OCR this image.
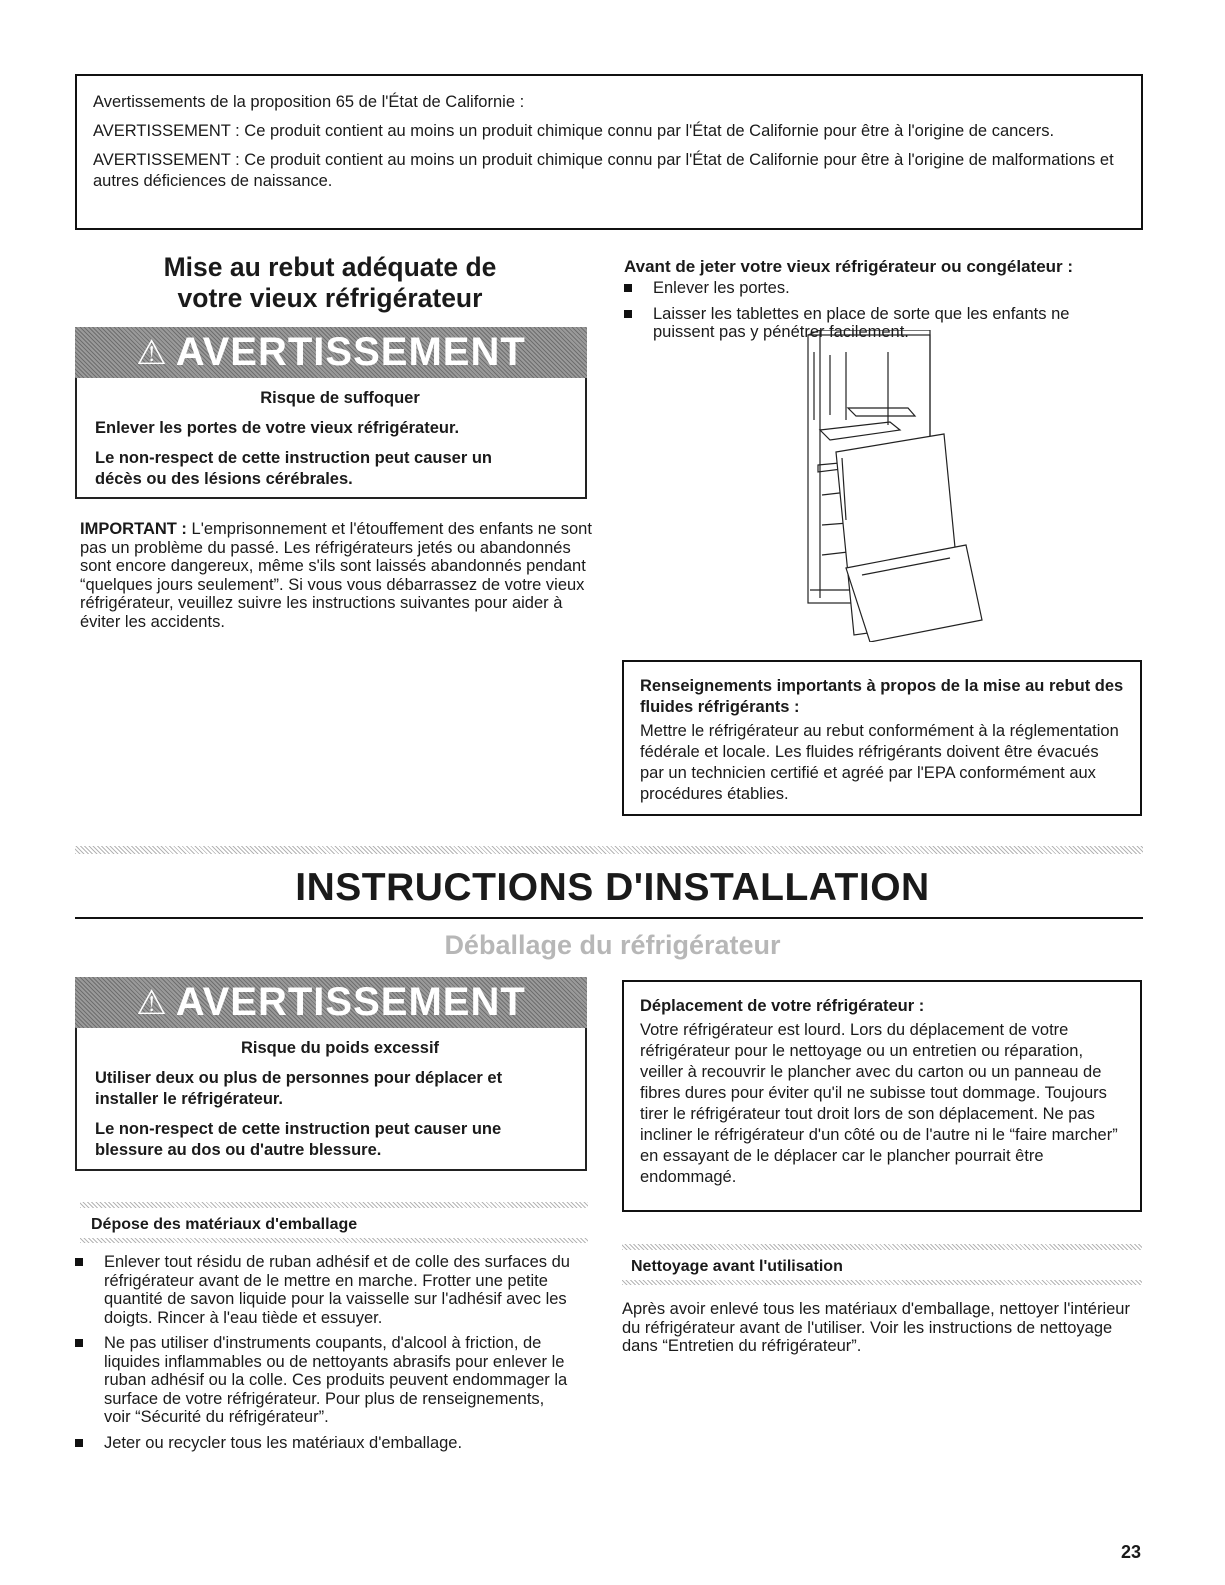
Avertissements de la proposition 65 de l'État de Californie :

AVERTISSEMENT : Ce produit contient au moins un produit chimique connu par l'État de Californie pour être à l'origine de cancers.

AVERTISSEMENT : Ce produit contient au moins un produit chimique connu par l'État de Californie pour être à l'origine de malformations et autres déficiences de naissance.

Mise au rebut adéquate de
votre vieux réfrigérateur
⚠ AVERTISSEMENT

Risque de suffoquer

Enlever les portes de votre vieux réfrigérateur.

Le non-respect de cette instruction peut causer un décès ou des lésions cérébrales.

IMPORTANT : L'emprisonnement et l'étouffement des enfants ne sont pas un problème du passé. Les réfrigérateurs jetés ou abandonnés sont encore dangereux, même s'ils sont laissés abandonnés pendant “quelques jours seulement”. Si vous vous débarrassez de votre vieux réfrigérateur, veuillez suivre les instructions suivantes pour aider à éviter les accidents.
Avant de jeter votre vieux réfrigérateur ou congélateur :
Enlever les portes.
Laisser les tablettes en place de sorte que les enfants ne puissent pas y pénétrer facilement.
Renseignements importants à propos de la mise au rebut des fluides réfrigérants :
Mettre le réfrigérateur au rebut conformément à la réglementation fédérale et locale. Les fluides réfrigérants doivent être évacués par un technicien certifié et agréé par l'EPA conformément aux procédures établies.
INSTRUCTIONS D'INSTALLATION
Déballage du réfrigérateur
⚠ AVERTISSEMENT

Risque du poids excessif

Utiliser deux ou plus de personnes pour déplacer et installer le réfrigérateur.

Le non-respect de cette instruction peut causer une blessure au dos ou d'autre blessure.

Dépose des matériaux d'emballage
Enlever tout résidu de ruban adhésif et de colle des surfaces du réfrigérateur avant de le mettre en marche. Frotter une petite quantité de savon liquide pour la vaisselle sur l'adhésif avec les doigts. Rincer à l'eau tiède et essuyer.
Ne pas utiliser d'instruments coupants, d'alcool à friction, de liquides inflammables ou de nettoyants abrasifs pour enlever le ruban adhésif ou la colle. Ces produits peuvent endommager la surface de votre réfrigérateur. Pour plus de renseignements, voir “Sécurité du réfrigérateur”.
Jeter ou recycler tous les matériaux d'emballage.
Déplacement de votre réfrigérateur :
Votre réfrigérateur est lourd. Lors du déplacement de votre réfrigérateur pour le nettoyage ou un entretien ou réparation, veiller à recouvrir le plancher avec du carton ou un panneau de fibres dures pour éviter qu'il ne subisse tout dommage. Toujours tirer le réfrigérateur tout droit lors de son déplacement. Ne pas incliner le réfrigérateur d'un côté ou de l'autre ni le “faire marcher” en essayant de le déplacer car le plancher pourrait être endommagé.
Nettoyage avant l'utilisation
Après avoir enlevé tous les matériaux d'emballage, nettoyer l'intérieur du réfrigérateur avant de l'utiliser. Voir les instructions de nettoyage dans “Entretien du réfrigérateur”.
23
